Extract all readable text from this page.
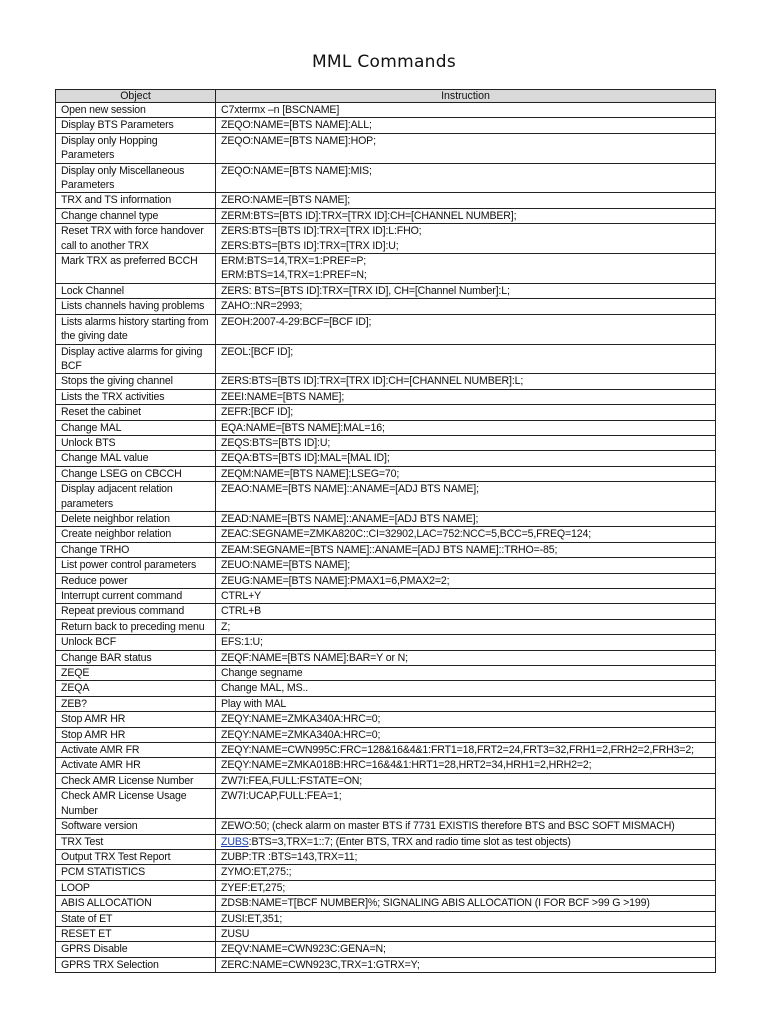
MML Commands
Object	Instruction
Open new session	C7xtermx –n [BSCNAME]
Display BTS Parameters	ZEQO:NAME=[BTS NAME]:ALL;
Display only Hopping Parameters	ZEQO:NAME=[BTS NAME]:HOP;
Display only Miscellaneous Parameters	ZEQO:NAME=[BTS NAME]:MIS;
TRX and TS information	ZERO:NAME=[BTS NAME];
Change channel type	ZERM:BTS=[BTS ID]:TRX=[TRX ID]:CH=[CHANNEL NUMBER];
Reset TRX with force handover call to another TRX	ZERS:BTS=[BTS ID]:TRX=[TRX ID]:L:FHO;
ZERS:BTS=[BTS ID]:TRX=[TRX ID]:U;
Mark TRX as preferred BCCH	ERM:BTS=14,TRX=1:PREF=P;
ERM:BTS=14,TRX=1:PREF=N;
Lock Channel	ZERS: BTS=[BTS ID]:TRX=[TRX ID], CH=[Channel Number]:L;
Lists channels having problems	ZAHO::NR=2993;
Lists alarms history starting from the giving date	ZEOH:2007-4-29:BCF=[BCF ID];
Display active alarms for giving BCF	ZEOL:[BCF ID];
Stops the giving channel	ZERS:BTS=[BTS ID]:TRX=[TRX ID]:CH=[CHANNEL NUMBER]:L;
Lists the TRX activities	ZEEI:NAME=[BTS NAME];
Reset the cabinet	ZEFR:[BCF ID];
Change MAL	EQA:NAME=[BTS NAME]:MAL=16;
Unlock BTS	ZEQS:BTS=[BTS ID]:U;
Change MAL value	ZEQA:BTS=[BTS ID]:MAL=[MAL ID];
Change LSEG on CBCCH	ZEQM:NAME=[BTS NAME]:LSEG=70;
Display adjacent relation parameters	ZEAO:NAME=[BTS NAME]::ANAME=[ADJ BTS NAME];
Delete neighbor relation	ZEAD:NAME=[BTS NAME]::ANAME=[ADJ BTS NAME];
Create neighbor relation	ZEAC:SEGNAME=ZMKA820C::CI=32902,LAC=752:NCC=5,BCC=5,FREQ=124;
Change TRHO	ZEAM:SEGNAME=[BTS NAME]::ANAME=[ADJ BTS NAME]::TRHO=-85;
List power control parameters	ZEUO:NAME=[BTS NAME];
Reduce power	ZEUG:NAME=[BTS NAME]:PMAX1=6,PMAX2=2;
Interrupt current command	CTRL+Y
Repeat previous command	CTRL+B
Return back to preceding menu	Z;
Unlock BCF	EFS:1:U;
Change BAR status	ZEQF:NAME=[BTS NAME]:BAR=Y or N;
ZEQE	Change segname
ZEQA	Change MAL, MS..
ZEB?	Play with MAL
Stop AMR HR	ZEQY:NAME=ZMKA340A:HRC=0;
Stop AMR HR	ZEQY:NAME=ZMKA340A:HRC=0;
Activate AMR FR	ZEQY:NAME=CWN995C:FRC=128&16&4&1:FRT1=18,FRT2=24,FRT3=32,FRH1=2,FRH2=2,FRH3=2;
Activate AMR HR	ZEQY:NAME=ZMKA018B:HRC=16&4&1:HRT1=28,HRT2=34,HRH1=2,HRH2=2;
Check AMR License Number	ZW7I:FEA,FULL:FSTATE=ON;
Check AMR License Usage Number	ZW7I:UCAP,FULL:FEA=1;
Software version	ZEWO:50; (check alarm on master BTS if 7731 EXISTIS therefore BTS and BSC SOFT MISMACH)
TRX Test	ZUBS:BTS=3,TRX=1::7; (Enter BTS, TRX and radio time slot as test objects)
Output TRX Test Report	ZUBP:TR :BTS=143,TRX=11;
PCM STATISTICS	ZYMO:ET,275:;
LOOP	ZYEF:ET,275;
ABIS ALLOCATION	ZDSB:NAME=T[BCF NUMBER]%; SIGNALING ABIS ALLOCATION (I FOR BCF >99 G >199)
State of ET	ZUSI:ET,351;
RESET ET	ZUSU
GPRS Disable	ZEQV:NAME=CWN923C:GENA=N;
GPRS TRX Selection	ZERC:NAME=CWN923C,TRX=1:GTRX=Y;
